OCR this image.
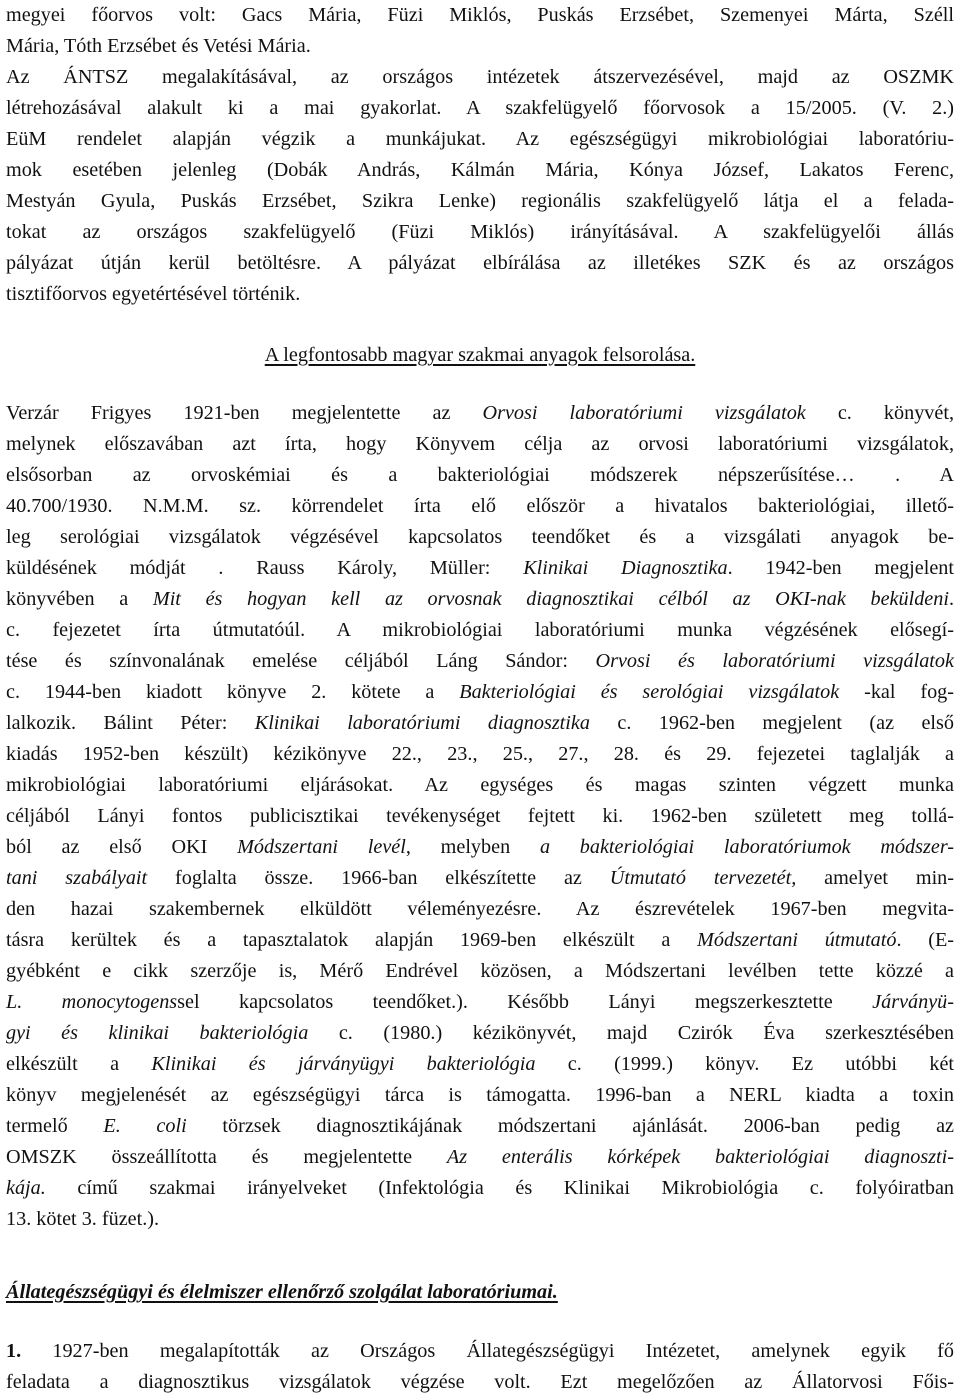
megyei főorvos volt: Gacs Mária, Füzi Miklós, Puskás Erzsébet, Szemenyei Márta, Széll
Mária, Tóth Erzsébet és Vetési Mária.
Az ÁNTSZ megalakításával, az országos intézetek átszervezésével, majd az OSZMK
létrehozásával alakult ki a mai gyakorlat. A szakfelügyelő főorvosok a 15/2005. (V. 2.)
EüM rendelet alapján végzik a munkájukat. Az egészségügyi mikrobiológiai laboratóriu-
mok esetében jelenleg (Dobák András, Kálmán Mária, Kónya József, Lakatos Ferenc,
Mestyán Gyula, Puskás Erzsébet, Szikra Lenke) regionális szakfelügyelő látja el a felada-
tokat az országos szakfelügyelő (Füzi Miklós) irányításával. A szakfelügyelői állás
pályázat útján kerül betöltésre. A pályázat elbírálása az illetékes SZK és az országos
tisztifőorvos egyetértésével történik.
A legfontosabb magyar szakmai anyagok felsorolása.
Verzár Frigyes 1921-ben megjelentette az Orvosi laboratóriumi vizsgálatok c. könyvét,
melynek előszavában azt írta, hogy Könyvem célja az orvosi laboratóriumi vizsgálatok,
elsősorban az orvoskémiai és a bakteriológiai módszerek népszerűsítése… . A
40.700/1930. N.M.M. sz. körrendelet írta elő először a hivatalos bakteriológiai, illető-
leg serológiai vizsgálatok végzésével kapcsolatos teendőket és a vizsgálati anyagok be-
küldésének módját . Rauss Károly, Müller: Klinikai Diagnosztika. 1942-ben megjelent
könyvében a Mit és hogyan kell az orvosnak diagnosztikai célból az OKI-nak beküldeni.
c. fejezetet írta útmutatóúl. A mikrobiológiai laboratóriumi munka végzésének elősegí-
tése és színvonalának emelése céljából Láng Sándor: Orvosi és laboratóriumi vizsgálatok
c. 1944-ben kiadott könyve 2. kötete a Bakteriológiai és serológiai vizsgálatok -kal fog-
lalkozik. Bálint Péter: Klinikai laboratóriumi diagnosztika c. 1962-ben megjelent (az első
kiadás 1952-ben készült) kézikönyve 22., 23., 25., 27., 28. és 29. fejezetei taglalják a
mikrobiológiai laboratóriumi eljárásokat. Az egységes és magas szinten végzett munka
céljából Lányi fontos publicisztikai tevékenységet fejtett ki. 1962-ben született meg tollá-
ból az első OKI Módszertani levél, melyben a bakteriológiai laboratóriumok módszer-
tani szabályait foglalta össze. 1966-ban elkészítette az Útmutató tervezetét, amelyet min-
den hazai szakembernek elküldött véleményezésre. Az észrevételek 1967-ben megvita-
tásra kerültek és a tapasztalatok alapján 1969-ben elkészült a Módszertani útmutató. (E-
gyébként e cikk szerzője is, Mérő Endrével közösen, a Módszertani levélben tette közzé a
L. monocytogenssel kapcsolatos teendőket.). Később Lányi megszerkesztette Járványü-
gyi és klinikai bakteriológia c. (1980.) kézikönyvét, majd Czirók Éva szerkesztésében
elkészült a Klinikai és járványügyi bakteriológia c. (1999.) könyv. Ez utóbbi két
könyv megjelenését az egészségügyi tárca is támogatta. 1996-ban a NERL kiadta a toxin
termelő E. coli törzsek diagnosztikájának módszertani ajánlását. 2006-ban pedig az
OMSZK összeállította és megjelentette Az enterális kórképek bakteriológiai diagnoszti-
kája. című szakmai irányelveket (Infektológia és Klinikai Mikrobiológia c. folyóiratban
13. kötet 3. füzet.).
Állategészségügyi és élelmiszer ellenőrző szolgálat laboratóriumai.
1. 1927-ben megalapították az Országos Állategészségügyi Intézetet, amelynek egyik fő
feladata a diagnosztikus vizsgálatok végzése volt. Ezt megelőzően az Állatorvosi Főis-
